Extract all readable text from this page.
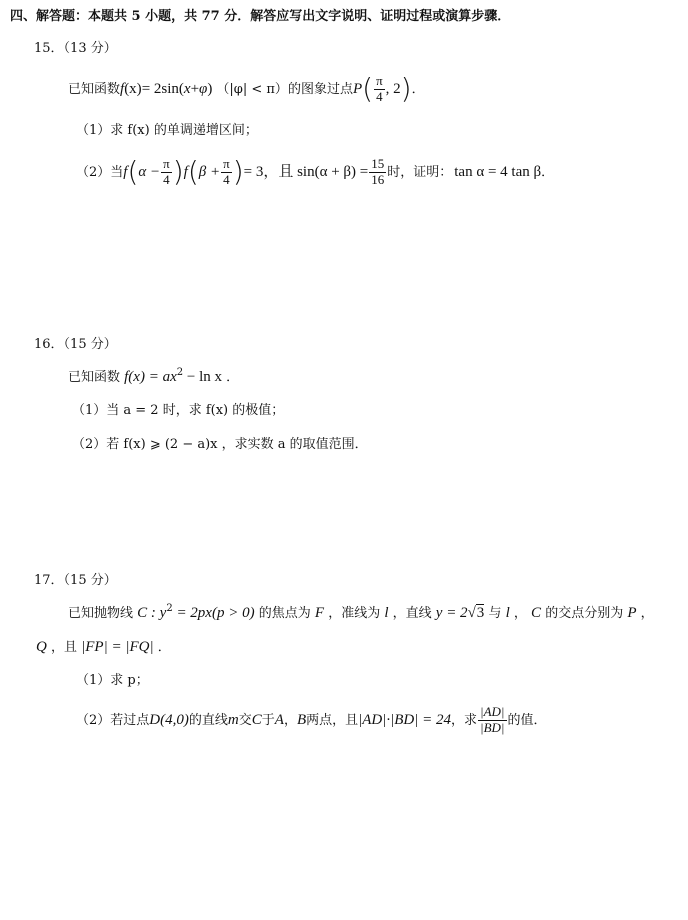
四、解答题：本题共 5 小题，共 77 分．解答应写出文字说明、证明过程或演算步骤．
15．（13 分）
已知函数 f (x) = 2sin( x + φ ) （|φ| < π） 的图象过点 P ( $\frac{\pi}{4}$ , 2 ) ．
（1）求 f(x) 的单调递增区间；
（2）当 f ( $\alpha - \frac{\pi}{4}$ ) f ( $\beta + \frac{\pi}{4}$ ) = 3，且 $\sin(\alpha + \beta) = \frac{15}{16}$ 时，证明： tan α = 4 tan β ．
16．（15 分）
已知函数 $f(x) = ax^2 - \ln x$ ．
（1）当 a = 2 时，求 f(x) 的极值；
（2）若 f(x) ⩾ (2 − a)x ，求实数 a 的取值范围．
17．（15 分）
已知抛物线 C : $y^2 = 2px(p > 0)$ 的焦点为 F ，准线为 l ，直线 y = 2√3 与 l ， C 的交点分别为 P ，
Q ，且 |FP| = |FQ| ．
（1）求 p；
（2）若过点 D(4,0) 的直线 m 交 C 于 A ， B 两点，且 |AD|·|BD| = 24 ，求 $\frac{|AD|}{|BD|}$ 的值．
